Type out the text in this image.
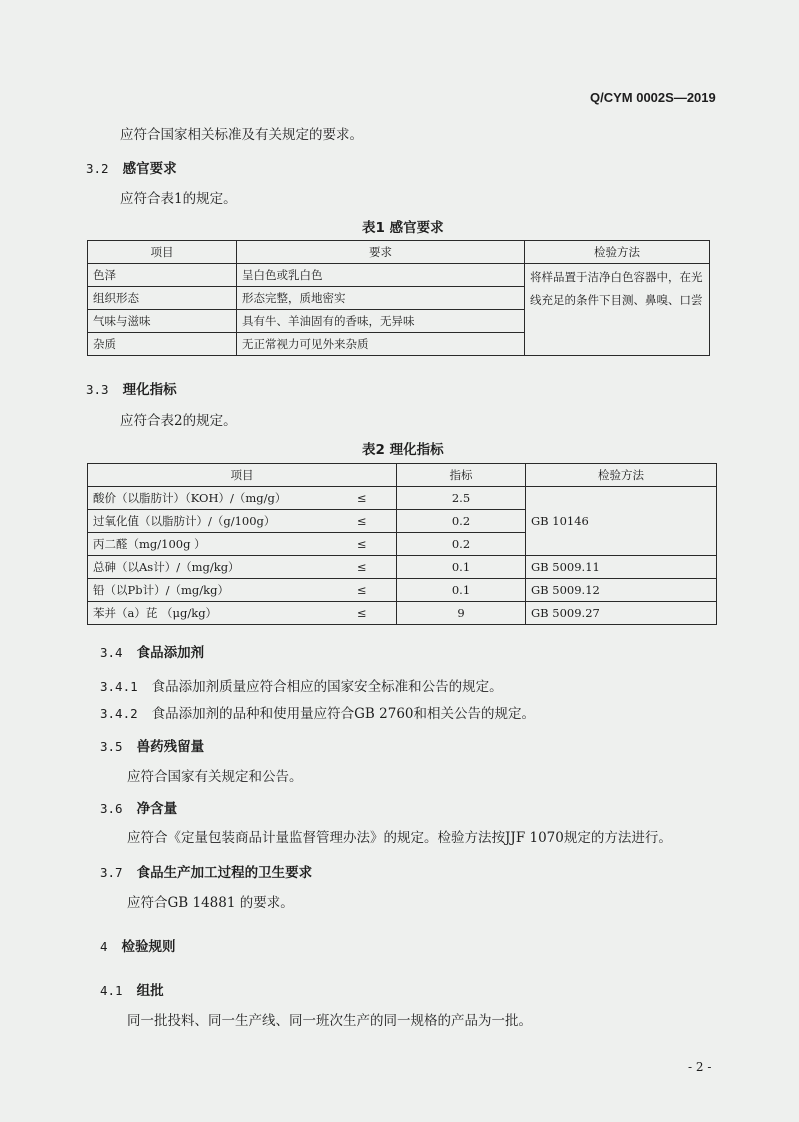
Q/CYM 0002S—2019
应符合国家相关标准及有关规定的要求。
3.2 感官要求
应符合表1的规定。
表1 感官要求
项目	要求	检验方法
色泽	呈白色或乳白色	将样品置于洁净白色容器中，在光线充足的条件下目测、鼻嗅、口尝
组织形态	形态完整，质地密实	
气味与滋味	具有牛、羊油固有的香味，无异味	
杂质	无正常视力可见外来杂质	
3.3 理化指标
应符合表2的规定。
表2 理化指标
项目		指标	检验方法
酸价（以脂肪计）（KOH）/（mg/g）	≤	2.5	GB 10146
过氧化值（以脂肪计）/（g/100g）	≤	0.2	
丙二醛（mg/100g ）	≤	0.2	
总砷（以As计）/（mg/kg）	≤	0.1	GB 5009.11
铅（以Pb计）/（mg/kg）	≤	0.1	GB 5009.12
苯并（a）芘 （μg/kg）	≤	9	GB 5009.27
3.4 食品添加剂
3.4.1 食品添加剂质量应符合相应的国家安全标准和公告的规定。
3.4.2 食品添加剂的品种和使用量应符合GB 2760和相关公告的规定。
3.5 兽药残留量
应符合国家有关规定和公告。
3.6 净含量
应符合《定量包装商品计量监督管理办法》的规定。检验方法按JJF 1070规定的方法进行。
3.7 食品生产加工过程的卫生要求
应符合GB 14881 的要求。
4 检验规则
4.1 组批
同一批投料、同一生产线、同一班次生产的同一规格的产品为一批。
- 2 -
